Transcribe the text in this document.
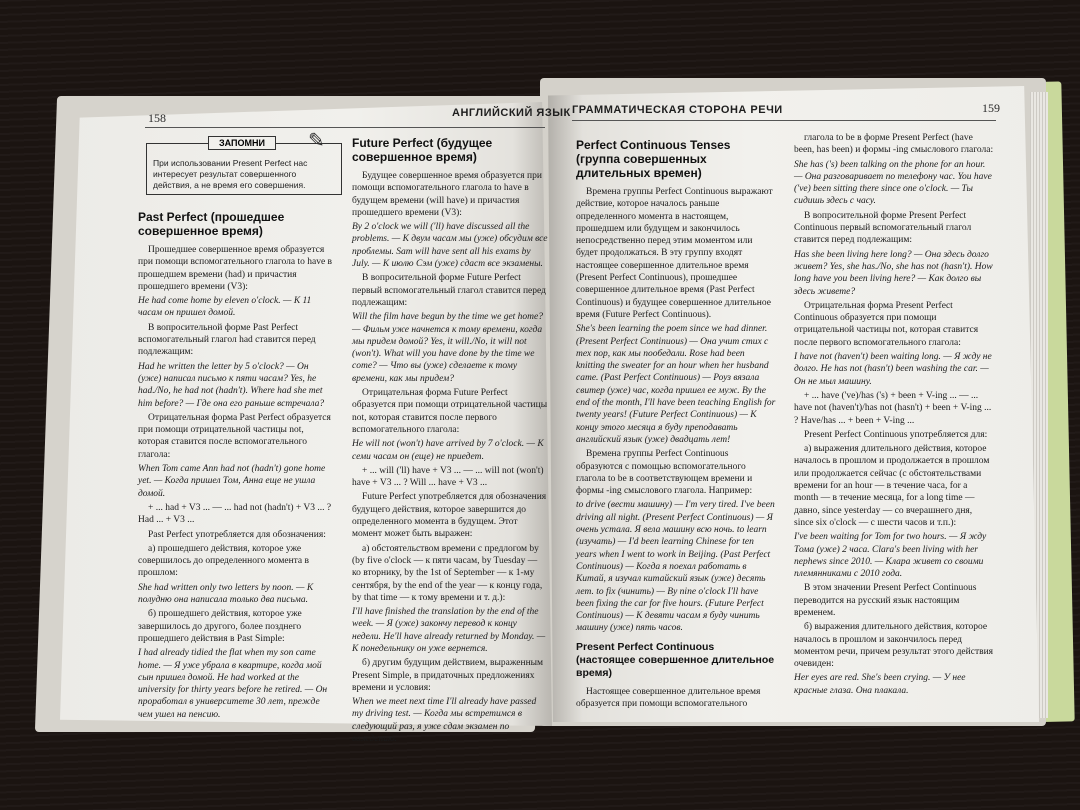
158	АНГЛИЙСКИЙ ЯЗЫК
При использовании Present Perfect нас интересует результат совершенного действия, а не время его совершения.
ЗАПОМНИ	✎
Past Perfect (прошедшее совершенное время)
Прошедшее совершенное время образуется при помощи вспомогательного глагола to have в прошедшем времени (had) и причастия прошедшего времени (V3):

He had come home by eleven o'clock. — К 11 часам он пришел домой.

В вопросительной форме Past Perfect вспомогательный глагол had ставится перед подлежащим:

Had he written the letter by 5 o'clock? — Он (уже) написал письмо к пяти часам? Yes, he had./No, he had not (hadn't). Where had she met him before? — Где она его раньше встречала?

Отрицательная форма Past Perfect образуется при помощи отрицательной частицы not, которая ставится после вспомогательного глагола:

When Tom came Ann had not (hadn't) gone home yet. — Когда пришел Том, Анна еще не ушла домой.

+ ... had + V3 ... — ... had not (hadn't) + V3 ... ? Had ... + V3 ...
Past Perfect употребляется для обозначения:
а) прошедшего действия, которое уже совершилось до определенного момента в прошлом:

She had written only two letters by noon. — К полудню она написала только два письма.

б) прошедшего действия, которое уже завершилось до другого, более позднего прошедшего действия в Past Simple:

I had already tidied the flat when my son came home. — Я уже убрала в квартире, когда мой сын пришел домой. He had worked at the university for thirty years before he retired. — Он проработал в университете 30 лет, прежде чем ушел на пенсию.

Future Perfect (будущее совершенное время)
Будущее совершенное время образуется при помощи вспомогательного глагола to have в будущем времени (will have) и причастия прошедшего времени (V3):

By 2 o'clock we will ('ll) have discussed all the problems. — К двум часам мы (уже) обсудим все проблемы. Sam will have sent all his exams by July. — К июлю Сэм (уже) сдаст все экзамены.

В вопросительной форме Future Perfect первый вспомогательный глагол ставится перед подлежащим:

Will the film have begun by the time we get home? — Фильм уже начнется к тому времени, когда мы придем домой? Yes, it will./No, it will not (won't). What will you have done by the time we come? — Что вы (уже) сделаете к тому времени, как мы придем?

Отрицательная форма Future Perfect образуется при помощи отрицательной частицы not, которая ставится после первого вспомогательного глагола:

He will not (won't) have arrived by 7 o'clock. — К семи часам он (еще) не приедет.

+ ... will ('ll) have + V3 ... — ... will not (won't) have + V3 ... ? Will ... have + V3 ...
Future Perfect употребляется для обозначения будущего действия, которое завершится до определенного момента в будущем. Этот момент может быть выражен:
а) обстоятельством времени с предлогом by (by five o'clock — к пяти часам, by Tuesday — ко вторнику, by the 1st of September — к 1-му сентября, by the end of the year — к концу года, by that time — к тому времени и т. д.):

I'll have finished the translation by the end of the week. — Я (уже) закончу перевод к концу недели. He'll have already returned by Monday. — К понедельнику он уже вернется.

б) другим будущим действием, выраженным Present Simple, в придаточных предложениях времени и условия:

When we meet next time I'll already have passed my driving test. — Когда мы встретимся в следующий раз, я уже сдам экзамен по вождению.

ГРАММАТИЧЕСКАЯ СТОРОНА РЕЧИ	159
Perfect Continuous Tenses (группа совершенных длительных времен)
Времена группы Perfect Continuous выражают действие, которое началось раньше определенного момента в настоящем, прошедшем или будущем и закончилось непосредственно перед этим моментом или будет продолжаться. В эту группу входят настоящее совершенное длительное время (Present Perfect Continuous), прошедшее совершенное длительное время (Past Perfect Continuous) и будущее совершенное длительное время (Future Perfect Continuous).

She's been learning the poem since we had dinner. (Present Perfect Continuous) — Она учит стих с тех пор, как мы пообедали. Rose had been knitting the sweater for an hour when her husband came. (Past Perfect Continuous) — Роуз вязала свитер (уже) час, когда пришел ее муж. By the end of the month, I'll have been teaching English for twenty years! (Future Perfect Continuous) — К концу этого месяца я буду преподавать английский язык (уже) двадцать лет!

Времена группы Perfect Continuous образуются с помощью вспомогательного глагола to be в соответствующем времени и формы -ing смыслового глагола. Например:

to drive (вести машину) — I'm very tired. I've been driving all night. (Present Perfect Continuous) — Я очень устала. Я вела машину всю ночь. to learn (изучать) — I'd been learning Chinese for ten years when I went to work in Beijing. (Past Perfect Continuous) — Когда я поехал работать в Китай, я изучал китайский язык (уже) десять лет. to fix (чинить) — By nine o'clock I'll have been fixing the car for five hours. (Future Perfect Continuous) — К девяти часам я буду чинить машину (уже) пять часов.

Present Perfect Continuous (настоящее совершенное длительное время)
Настоящее совершенное длительное время образуется при помощи вспомогательного
глагола to be в форме Present Perfect (have been, has been) и формы -ing смыслового глагола:

She has ('s) been talking on the phone for an hour. — Она разговаривает по телефону час. You have ('ve) been sitting there since one o'clock. — Ты сидишь здесь с часу.

В вопросительной форме Present Perfect Continuous первый вспомогательный глагол ставится перед подлежащим:

Has she been living here long? — Она здесь долго живет? Yes, she has./No, she has not (hasn't). How long have you been living here? — Как долго вы здесь живете?

Отрицательная форма Present Perfect Continuous образуется при помощи отрицательной частицы not, которая ставится после первого вспомогательного глагола:

I have not (haven't) been waiting long. — Я жду не долго. He has not (hasn't) been washing the car. — Он не мыл машину.

+ ... have ('ve)/has ('s) + been + V-ing ... — ... have not (haven't)/has not (hasn't) + been + V-ing ... ? Have/has ... + been + V-ing ...
Present Perfect Continuous употребляется для:
а) выражения длительного действия, которое началось в прошлом и продолжается в прошлом или продолжается сейчас (с обстоятельствами времени for an hour — в течение часа, for a month — в течение месяца, for a long time — давно, since yesterday — со вчерашнего дня, since six o'clock — с шести часов и т.п.):

I've been waiting for Tom for two hours. — Я жду Тома (уже) 2 часа. Clara's been living with her nephews since 2010. — Клара живет со своими племянниками с 2010 года.

В этом значении Present Perfect Continuous переводится на русский язык настоящим временем.
б) выражения длительного действия, которое началось в прошлом и закончилось перед моментом речи, причем результат этого действия очевиден:

Her eyes are red. She's been crying. — У нее красные глаза. Она плакала.
